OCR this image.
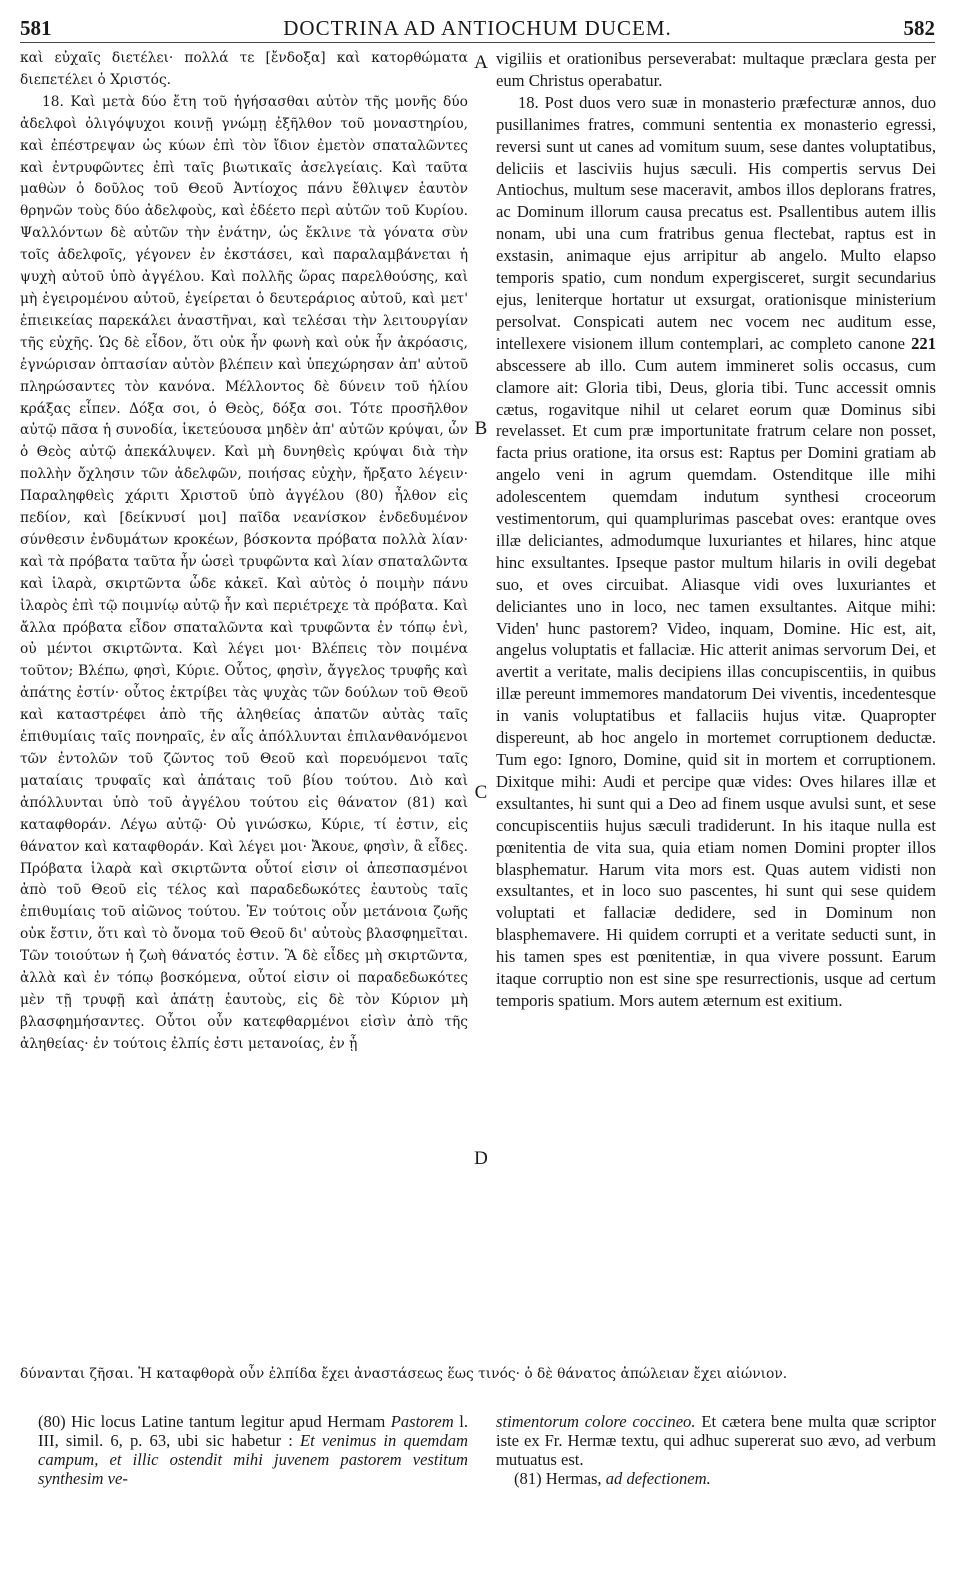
581	DOCTRINA AD ANTIOCHUM DUCEM.	582

καὶ εὐχαῖς διετέλει· πολλά τε [ἔνδοξα] καὶ κατορθώματα διεπετέλει ὁ Χριστός.

18. Καὶ μετὰ δύο ἔτη τοῦ ἡγήσασθαι αὐτὸν τῆς μονῆς δύο ἀδελφοὶ ὀλιγόψυχοι κοινῇ γνώμῃ ἐξῆλθον τοῦ μοναστηρίου, καὶ ἐπέστρεψαν ὡς κύων ἐπὶ τὸν ἴδιον ἐμετὸν σπαταλῶντες καὶ ἐντρυφῶντες ἐπὶ ταῖς βιωτικαῖς ἀσελγείαις. Καὶ ταῦτα μαθὼν ὁ δοῦλος τοῦ Θεοῦ Ἀντίοχος πάνυ ἔθλιψεν ἑαυτὸν θρηνῶν τοὺς δύο ἀδελφοὺς, καὶ ἐδέετο περὶ αὐτῶν τοῦ Κυρίου. Ψαλλόντων δὲ αὐτῶν τὴν ἐνάτην, ὡς ἔκλινε τὰ γόνατα σὺν τοῖς ἀδελφοῖς, γέγονεν ἐν ἐκστάσει, καὶ παραλαμβάνεται ἡ ψυχὴ αὐτοῦ ὑπὸ ἀγγέλου. Καὶ πολλῆς ὥρας παρελθούσης, καὶ μὴ ἐγειρομένου αὐτοῦ, ἐγείρεται ὁ δευτεράριος αὐτοῦ, καὶ μετ' ἐπιεικείας παρεκάλει ἀναστῆναι, καὶ τελέσαι τὴν λειτουργίαν τῆς εὐχῆς. Ὡς δὲ εἶδον, ὅτι οὐκ ἦν φωνὴ καὶ οὐκ ἦν ἀκρόασις, ἐγνώρισαν ὀπτασίαν αὐτὸν βλέπειν καὶ ὑπεχώρησαν ἀπ' αὐτοῦ πληρώσαντες τὸν κανόνα. Μέλλοντος δὲ δύνειν τοῦ ἡλίου κράξας εἶπεν. Δόξα σοι, ὁ Θεὸς, δόξα σοι. Τότε προσῆλθον αὐτῷ πᾶσα ἡ συνοδία, ἱκετεύουσα μηδὲν ἀπ' αὐτῶν κρύψαι, ὧν ὁ Θεὸς αὐτῷ ἀπεκάλυψεν. Καὶ μὴ δυνηθεὶς κρύψαι διὰ τὴν πολλὴν ὄχλησιν τῶν ἀδελφῶν, ποιήσας εὐχὴν, ἤρξατο λέγειν· Παραληφθεὶς χάριτι Χριστοῦ ὑπὸ ἀγγέλου (80) ἦλθον εἰς πεδίον, καὶ [δείκνυσί μοι] παῖδα νεανίσκον ἐνδεδυμένον σύνθεσιν ἐνδυμάτων κροκέων, βόσκοντα πρόβατα πολλὰ λίαν· καὶ τὰ πρόβατα ταῦτα ἦν ὡσεὶ τρυφῶντα καὶ λίαν σπαταλῶντα καὶ ἱλαρὰ, σκιρτῶντα ὧδε κἀκεῖ. Καὶ αὐτὸς ὁ ποιμὴν πάνυ ἱλαρὸς ἐπὶ τῷ ποιμνίῳ αὐτῷ ἦν καὶ περιέτρεχε τὰ πρόβατα. Καὶ ἄλλα πρόβατα εἶδον σπαταλῶντα καὶ τρυφῶντα ἐν τόπῳ ἑνὶ, οὐ μέντοι σκιρτῶντα. Καὶ λέγει μοι· Βλέπεις τὸν ποιμένα τοῦτον; Βλέπω, φησὶ, Κύριε. Οὗτος, φησὶν, ἄγγελος τρυφῆς καὶ ἀπάτης ἐστίν· οὗτος ἐκτρίβει τὰς ψυχὰς τῶν δούλων τοῦ Θεοῦ καὶ καταστρέφει ἀπὸ τῆς ἀληθείας ἀπατῶν αὐτὰς ταῖς ἐπιθυμίαις ταῖς πονηραῖς, ἐν αἷς ἀπόλλυνται ἐπιλανθανόμενοι τῶν ἐντολῶν τοῦ ζῶντος τοῦ Θεοῦ καὶ πορευόμενοι ταῖς ματαίαις τρυφαῖς καὶ ἀπάταις τοῦ βίου τούτου. Διὸ καὶ ἀπόλλυνται ὑπὸ τοῦ ἀγγέλου τούτου εἰς θάνατον (81) καὶ καταφθοράν. Λέγω αὐτῷ· Οὐ γινώσκω, Κύριε, τί ἐστιν, εἰς θάνατον καὶ καταφθοράν. Καὶ λέγει μοι· Ἄκουε, φησὶν, ἃ εἶδες. Πρόβατα ἱλαρὰ καὶ σκιρτῶντα οὗτοί εἰσιν οἱ ἀπεσπασμένοι ἀπὸ τοῦ Θεοῦ εἰς τέλος καὶ παραδεδωκότες ἑαυτοὺς ταῖς ἐπιθυμίαις τοῦ αἰῶνος τούτου. Ἐν τούτοις οὖν μετάνοια ζωῆς οὐκ ἔστιν, ὅτι καὶ τὸ ὄνομα τοῦ Θεοῦ δι' αὐτοὺς βλασφημεῖται. Τῶν τοιούτων ἡ ζωὴ θάνατός ἐστιν. Ἃ δὲ εἶδες μὴ σκιρτῶντα, ἀλλὰ καὶ ἐν τόπῳ βοσκόμενα, οὗτοί εἰσιν οἱ παραδεδωκότες μὲν τῇ τρυφῇ καὶ ἀπάτῃ ἑαυτοὺς, εἰς δὲ τὸν Κύριον μὴ βλασφημήσαντες. Οὗτοι οὖν κατεφθαρμένοι εἰσὶν ἀπὸ τῆς ἀληθείας· ἐν τούτοις ἐλπίς ἐστι μετανοίας, ἐν ᾗ

A
B
C
D

vigiliis et orationibus perseverabat: multaque præclara gesta per eum Christus operabatur.

18. Post duos vero suæ in monasterio præfecturæ annos, duo pusillanimes fratres, communi sententia ex monasterio egressi, reversi sunt ut canes ad vomitum suum, sese dantes voluptatibus, deliciis et lasciviis hujus sæculi. His compertis servus Dei Antiochus, multum sese maceravit, ambos illos deplorans fratres, ac Dominum illorum causa precatus est. Psallentibus autem illis nonam, ubi una cum fratribus genua flectebat, raptus est in exstasin, animaque ejus arripitur ab angelo. Multo elapso temporis spatio, cum nondum expergisceret, surgit secundarius ejus, leniterque hortatur ut exsurgat, orationisque ministerium persolvat. Conspicati autem nec vocem nec auditum esse, intellexere visionem illum contemplari, ac completo canone 221 abscessere ab illo. Cum autem immineret solis occasus, cum clamore ait: Gloria tibi, Deus, gloria tibi. Tunc accessit omnis cætus, rogavitque nihil ut celaret eorum quæ Dominus sibi revelasset. Et cum præ importunitate fratrum celare non posset, facta prius oratione, ita orsus est: Raptus per Domini gratiam ab angelo veni in agrum quemdam. Ostenditque ille mihi adolescentem quemdam indutum synthesi croceorum vestimentorum, qui quamplurimas pascebat oves: erantque oves illæ deliciantes, admodumque luxuriantes et hilares, hinc atque hinc exsultantes. Ipseque pastor multum hilaris in ovili degebat suo, et oves circuibat. Aliasque vidi oves luxuriantes et deliciantes uno in loco, nec tamen exsultantes. Aitque mihi: Viden' hunc pastorem? Video, inquam, Domine. Hic est, ait, angelus voluptatis et fallaciæ. Hic atterit animas servorum Dei, et avertit a veritate, malis decipiens illas concupiscentiis, in quibus illæ pereunt immemores mandatorum Dei viventis, incedentesque in vanis voluptatibus et fallaciis hujus vitæ. Quapropter dispereunt, ab hoc angelo in mortemet corruptionem deductæ. Tum ego: Ignoro, Domine, quid sit in mortem et corruptionem. Dixitque mihi: Audi et percipe quæ vides: Oves hilares illæ et exsultantes, hi sunt qui a Deo ad finem usque avulsi sunt, et sese concupiscentiis hujus sæculi tradiderunt. In his itaque nulla est pœnitentia de vita sua, quia etiam nomen Domini propter illos blasphematur. Harum vita mors est. Quas autem vidisti non exsultantes, et in loco suo pascentes, hi sunt qui sese quidem voluptati et fallaciæ dedidere, sed in Dominum non blasphemavere. Hi quidem corrupti et a veritate seducti sunt, in his tamen spes est pœnitentiæ, in qua vivere possunt. Earum itaque corruptio non est sine spe resurrectionis, usque ad certum temporis spatium. Mors autem æternum est exitium.

δύνανται ζῆσαι. Ἡ καταφθορὰ οὖν ἐλπίδα ἔχει ἀναστάσεως ἕως τινός· ὁ δὲ θάνατος ἀπώλειαν ἔχει αἰώνιον.

(80) Hic locus Latine tantum legitur apud Hermam Pastorem l. III, simil. 6, p. 63, ubi sic habetur : Et venimus in quemdam campum, et illic ostendit mihi juvenem pastorem vestitum synthesim ve-

stimentorum colore coccineo. Et cætera bene multa quæ scriptor iste ex Fr. Hermæ textu, qui adhuc supererat suo ævo, ad verbum mutuatus est.

(81) Hermas, ad defectionem.
